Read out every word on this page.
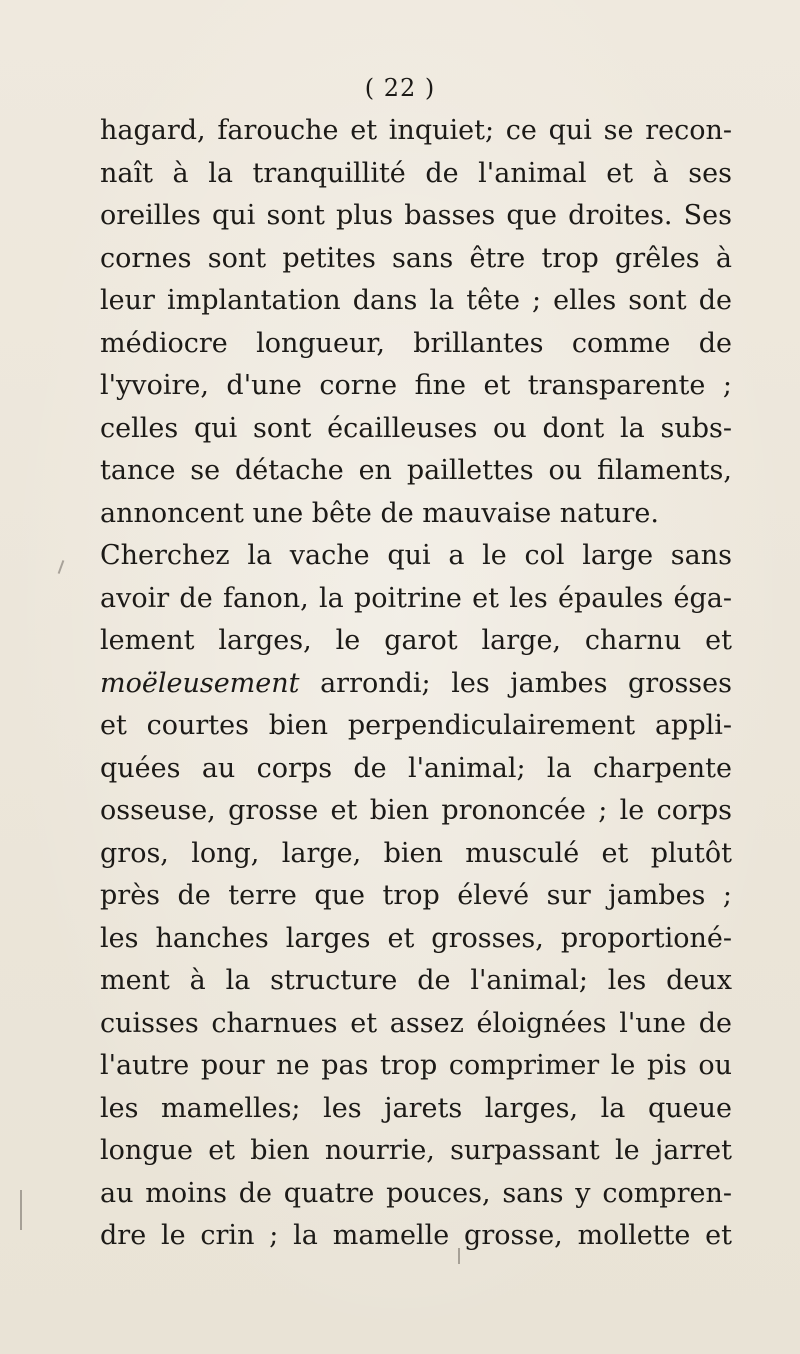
( 22 )
hagard, farouche et inquiet; ce qui se recon-
naît à la tranquillité de l'animal et à ses
oreilles qui sont plus basses que droites. Ses
cornes sont petites sans être trop grêles à
leur implantation dans la tête ; elles sont de
médiocre longueur, brillantes comme de
l'yvoire, d'une corne fine et transparente ;
celles qui sont écailleuses ou dont la subs-
tance se détache en paillettes ou filaments,
annoncent une bête de mauvaise nature.
Cherchez la vache qui a le col large sans
avoir de fanon, la poitrine et les épaules éga-
lement larges, le garot large, charnu et
moëleusement arrondi; les jambes grosses
et courtes bien perpendiculairement appli-
quées au corps de l'animal; la charpente
osseuse, grosse et bien prononcée ; le corps
gros, long, large, bien musculé et plutôt
près de terre que trop élevé sur jambes ;
les hanches larges et grosses, proportioné-
ment à la structure de l'animal; les deux
cuisses charnues et assez éloignées l'une de
l'autre pour ne pas trop comprimer le pis ou
les mamelles; les jarets larges, la queue
longue et bien nourrie, surpassant le jarret
au moins de quatre pouces, sans y compren-
dre le crin ; la mamelle grosse, mollette et
